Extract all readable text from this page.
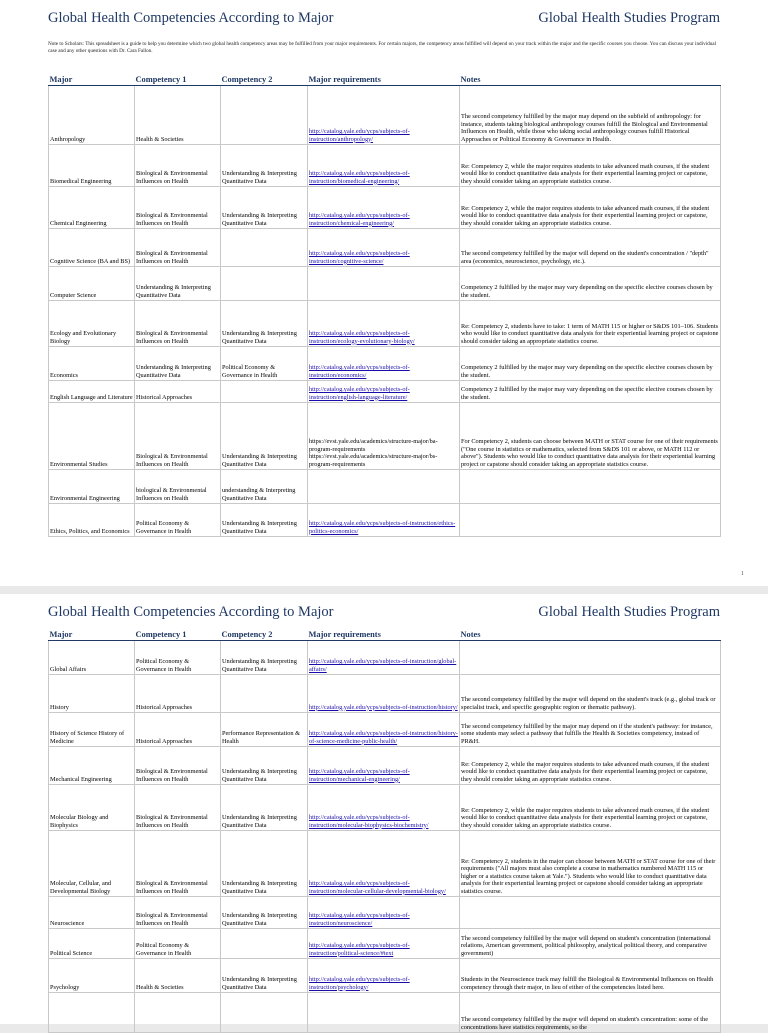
Global Health Competencies According to Major	Global Health Studies Program
Note to Scholars: This spreadsheet is a guide to help you determine which two global health competency areas may be fulfilled from your major requirements. For certain majors, the competency areas fulfilled will depend on your track within the major and the specific courses you choose. You can discuss your individual case and any other questions with Dr. Cara Fallon.
Major	Competency 1	Competency 2	Major requirements	Notes
Anthropology	Health & Societies		http://catalog.yale.edu/ycps/subjects-of-instruction/anthropology/	The second competency fulfilled by the major may depend on the subfield of anthropology: for instance, students taking biological anthropology courses fulfill the Biological and Environmental Influences on Health, while those who taking social anthropology courses fulfill Historical Approaches or Political Economy & Governance in Health.
Biomedical Engineering	Biological & Environmental Influences on Health	Understanding & Interpreting Quantitative Data	http://catalog.yale.edu/ycps/subjects-of-instruction/biomedical-engineering/	Re: Competency 2, while the major requires students to take advanced math courses, if the student would like to conduct quantitative data analysis for their experiential learning project or capstone, they should consider taking an appropriate statistics course.
Chemical Engineering	Biological & Environmental Influences on Health	Understanding & Interpreting Quantitative Data	http://catalog.yale.edu/ycps/subjects-of-instruction/chemical-engineering/	Re: Competency 2, while the major requires students to take advanced math courses, if the student would like to conduct quantitative data analysis for their experiential learning project or capstone, they should consider taking an appropriate statistics course.
Cognitive Science (BA and BS)	Biological & Environmental Influences on Health		http://catalog.yale.edu/ycps/subjects-of-instruction/cognitive-science/	The second competency fulfilled by the major will depend on the student's concentration / "depth" area (economics, neuroscience, psychology, etc.).
Computer Science	Understanding & Interpreting Quantitative Data			Competency 2 fulfilled by the major may vary depending on the specific elective courses chosen by the student.
Ecology and Evolutionary Biology	Biological & Environmental Influences on Health	Understanding & Interpreting Quantitative Data	http://catalog.yale.edu/ycps/subjects-of-instruction/ecology-evolutionary-biology/	Re: Competency 2, students have to take: 1 term of MATH 115 or higher or S&DS 101–106. Students who would like to conduct quantitative data analysis for their experiential learning project or capstone should consider taking an appropriate statistics course.
Economics	Understanding & Interpreting Quantitative Data	Political Economy & Governance in Health	http://catalog.yale.edu/ycps/subjects-of-instruction/economics/	Competency 2 fulfilled by the major may vary depending on the specific elective courses chosen by the student.
English Language and Literature	Historical Approaches		http://catalog.yale.edu/ycps/subjects-of-instruction/english-language-literature/	Competency 2 fulfilled by the major may vary depending on the specific elective courses chosen by the student.
Environmental Studies	Biological & Environmental Influences on Health	Understanding & Interpreting Quantitative Data	https://evst.yale.edu/academics/structure-major/ba-program-requirements https://evst.yale.edu/academics/structure-major/bs-program-requirements	For Competency 2, students can choose between MATH or STAT course for one of their requirements ("One course in statistics or mathematics, selected from S&DS 101 or above, or MATH 112 or above"). Students who would like to conduct quantitative data analysis for their experiential learning project or capstone should consider taking an appropriate statistics course.
Environmental Engineering	biological & Environmental Influences on Health	understanding & Interpreting Quantitative Data		
Ethics, Politics, and Economics	Political Economy & Governance in Health	Understanding & Interpreting Quantitative Data	http://catalog.yale.edu/ycps/subjects-of-instruction/ethics-politics-economics/	
1
Global Health Competencies According to Major	Global Health Studies Program
Major	Competency 1	Competency 2	Major requirements	Notes
Global Affairs	Political Economy & Governance in Health	Understanding & Interpreting Quantitative Data	http://catalog.yale.edu/ycps/subjects-of-instruction/global-affairs/	
History	Historical Approaches		http://catalog.yale.edu/ycps/subjects-of-instruction/history/	The second competency fulfilled by the major will depend on the student's track (e.g., global track or specialist track, and specific geographic region or thematic pathway).
History of Science History of Medicine	Historical Approaches	Performance Representation & Health	http://catalog.yale.edu/ycps/subjects-of-instruction/history-of-science-medicine-public-health/	The second competency fulfilled by the major may depend on if the student's pathway: for instance, some students may select a pathway that fulfills the Health & Societies competency, instead of PR&H.
Mechanical Engineering	Biological & Environmental Influences on Health	Understanding & Interpreting Quantitative Data	http://catalog.yale.edu/ycps/subjects-of-instruction/mechanical-engineering/	Re: Competency 2, while the major requires students to take advanced math courses, if the student would like to conduct quantitative data analysis for their experiential learning project or capstone, they should consider taking an appropriate statistics course.
Molecular Biology and Biophysics	Biological & Environmental Influences on Health	Understanding & Interpreting Quantitative Data	http://catalog.yale.edu/ycps/subjects-of-instruction/molecular-biophysics-biochemistry/	Re: Competency 2, while the major requires students to take advanced math courses, if the student would like to conduct quantitative data analysis for their experiential learning project or capstone, they should consider taking an appropriate statistics course.
Molecular, Cellular, and Developmental Biology	Biological & Environmental Influences on Health	Understanding & Interpreting Quantitative Data	http://catalog.yale.edu/ycps/subjects-of-instruction/molecular-cellular-developmental-biology/	Re: Competency 2, students in the major can choose between MATH or STAT course for one of their requirements ("All majors must also complete a course in mathematics numbered MATH 115 or higher or a statistics course taken at Yale."). Students who would like to conduct quantitative data analysis for their experiential learning project or capstone should consider taking an appropriate statistics course.
Neuroscience	Biological & Environmental Influences on Health	Understanding & Interpreting Quantitative Data	http://catalog.yale.edu/ycps/subjects-of-instruction/neuroscience/	
Political Science	Political Economy & Governance in Health		http://catalog.yale.edu/ycps/subjects-of-instruction/political-science/#text	The second competency fulfilled by the major will depend on student's concentration (international relations, American government, political philosophy, analytical political theory, and comparative government)
Psychology	Health & Societies	Understanding & Interpreting Quantitative Data	http://catalog.yale.edu/ycps/subjects-of-instruction/psychology/	Students in the Neuroscience track may fulfill the Biological & Environmental Influences on Health competency through their major, in lieu of either of the competencies listed here.
				The second competency fulfilled by the major will depend on student's concentration: some of the concentrations have statistics requirements, so the
